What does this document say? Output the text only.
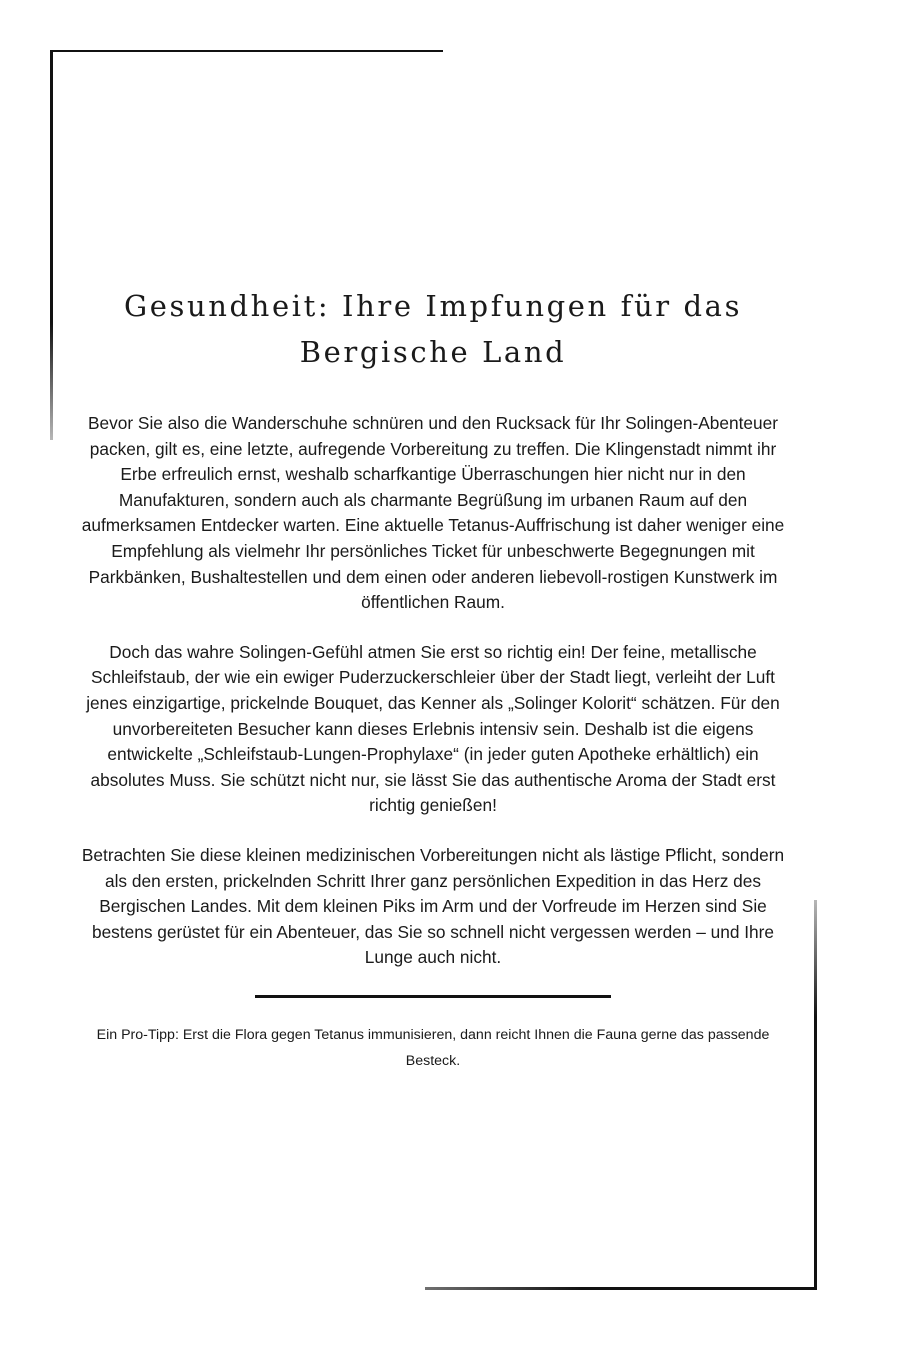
Gesundheit: Ihre Impfungen für das Bergische Land

Bevor Sie also die Wanderschuhe schnüren und den Rucksack für Ihr Solingen-Abenteuer packen, gilt es, eine letzte, aufregende Vorbereitung zu treffen. Die Klingenstadt nimmt ihr Erbe erfreulich ernst, weshalb scharfkantige Überraschungen hier nicht nur in den Manufakturen, sondern auch als charmante Begrüßung im urbanen Raum auf den aufmerksamen Entdecker warten. Eine aktuelle Tetanus-Auffrischung ist daher weniger eine Empfehlung als vielmehr Ihr persönliches Ticket für unbeschwerte Begegnungen mit Parkbänken, Bushaltestellen und dem einen oder anderen liebevoll-rostigen Kunstwerk im öffentlichen Raum.

Doch das wahre Solingen-Gefühl atmen Sie erst so richtig ein! Der feine, metallische Schleifstaub, der wie ein ewiger Puderzuckerschleier über der Stadt liegt, verleiht der Luft jenes einzigartige, prickelnde Bouquet, das Kenner als „Solinger Kolorit“ schätzen. Für den unvorbereiteten Besucher kann dieses Erlebnis intensiv sein. Deshalb ist die eigens entwickelte „Schleifstaub-Lungen-Prophylaxe“ (in jeder guten Apotheke erhältlich) ein absolutes Muss. Sie schützt nicht nur, sie lässt Sie das authentische Aroma der Stadt erst richtig genießen!

Betrachten Sie diese kleinen medizinischen Vorbereitungen nicht als lästige Pflicht, sondern als den ersten, prickelnden Schritt Ihrer ganz persönlichen Expedition in das Herz des Bergischen Landes. Mit dem kleinen Piks im Arm und der Vorfreude im Herzen sind Sie bestens gerüstet für ein Abenteuer, das Sie so schnell nicht vergessen werden – und Ihre Lunge auch nicht.

Ein Pro-Tipp: Erst die Flora gegen Tetanus immunisieren, dann reicht Ihnen die Fauna gerne das passende Besteck.
